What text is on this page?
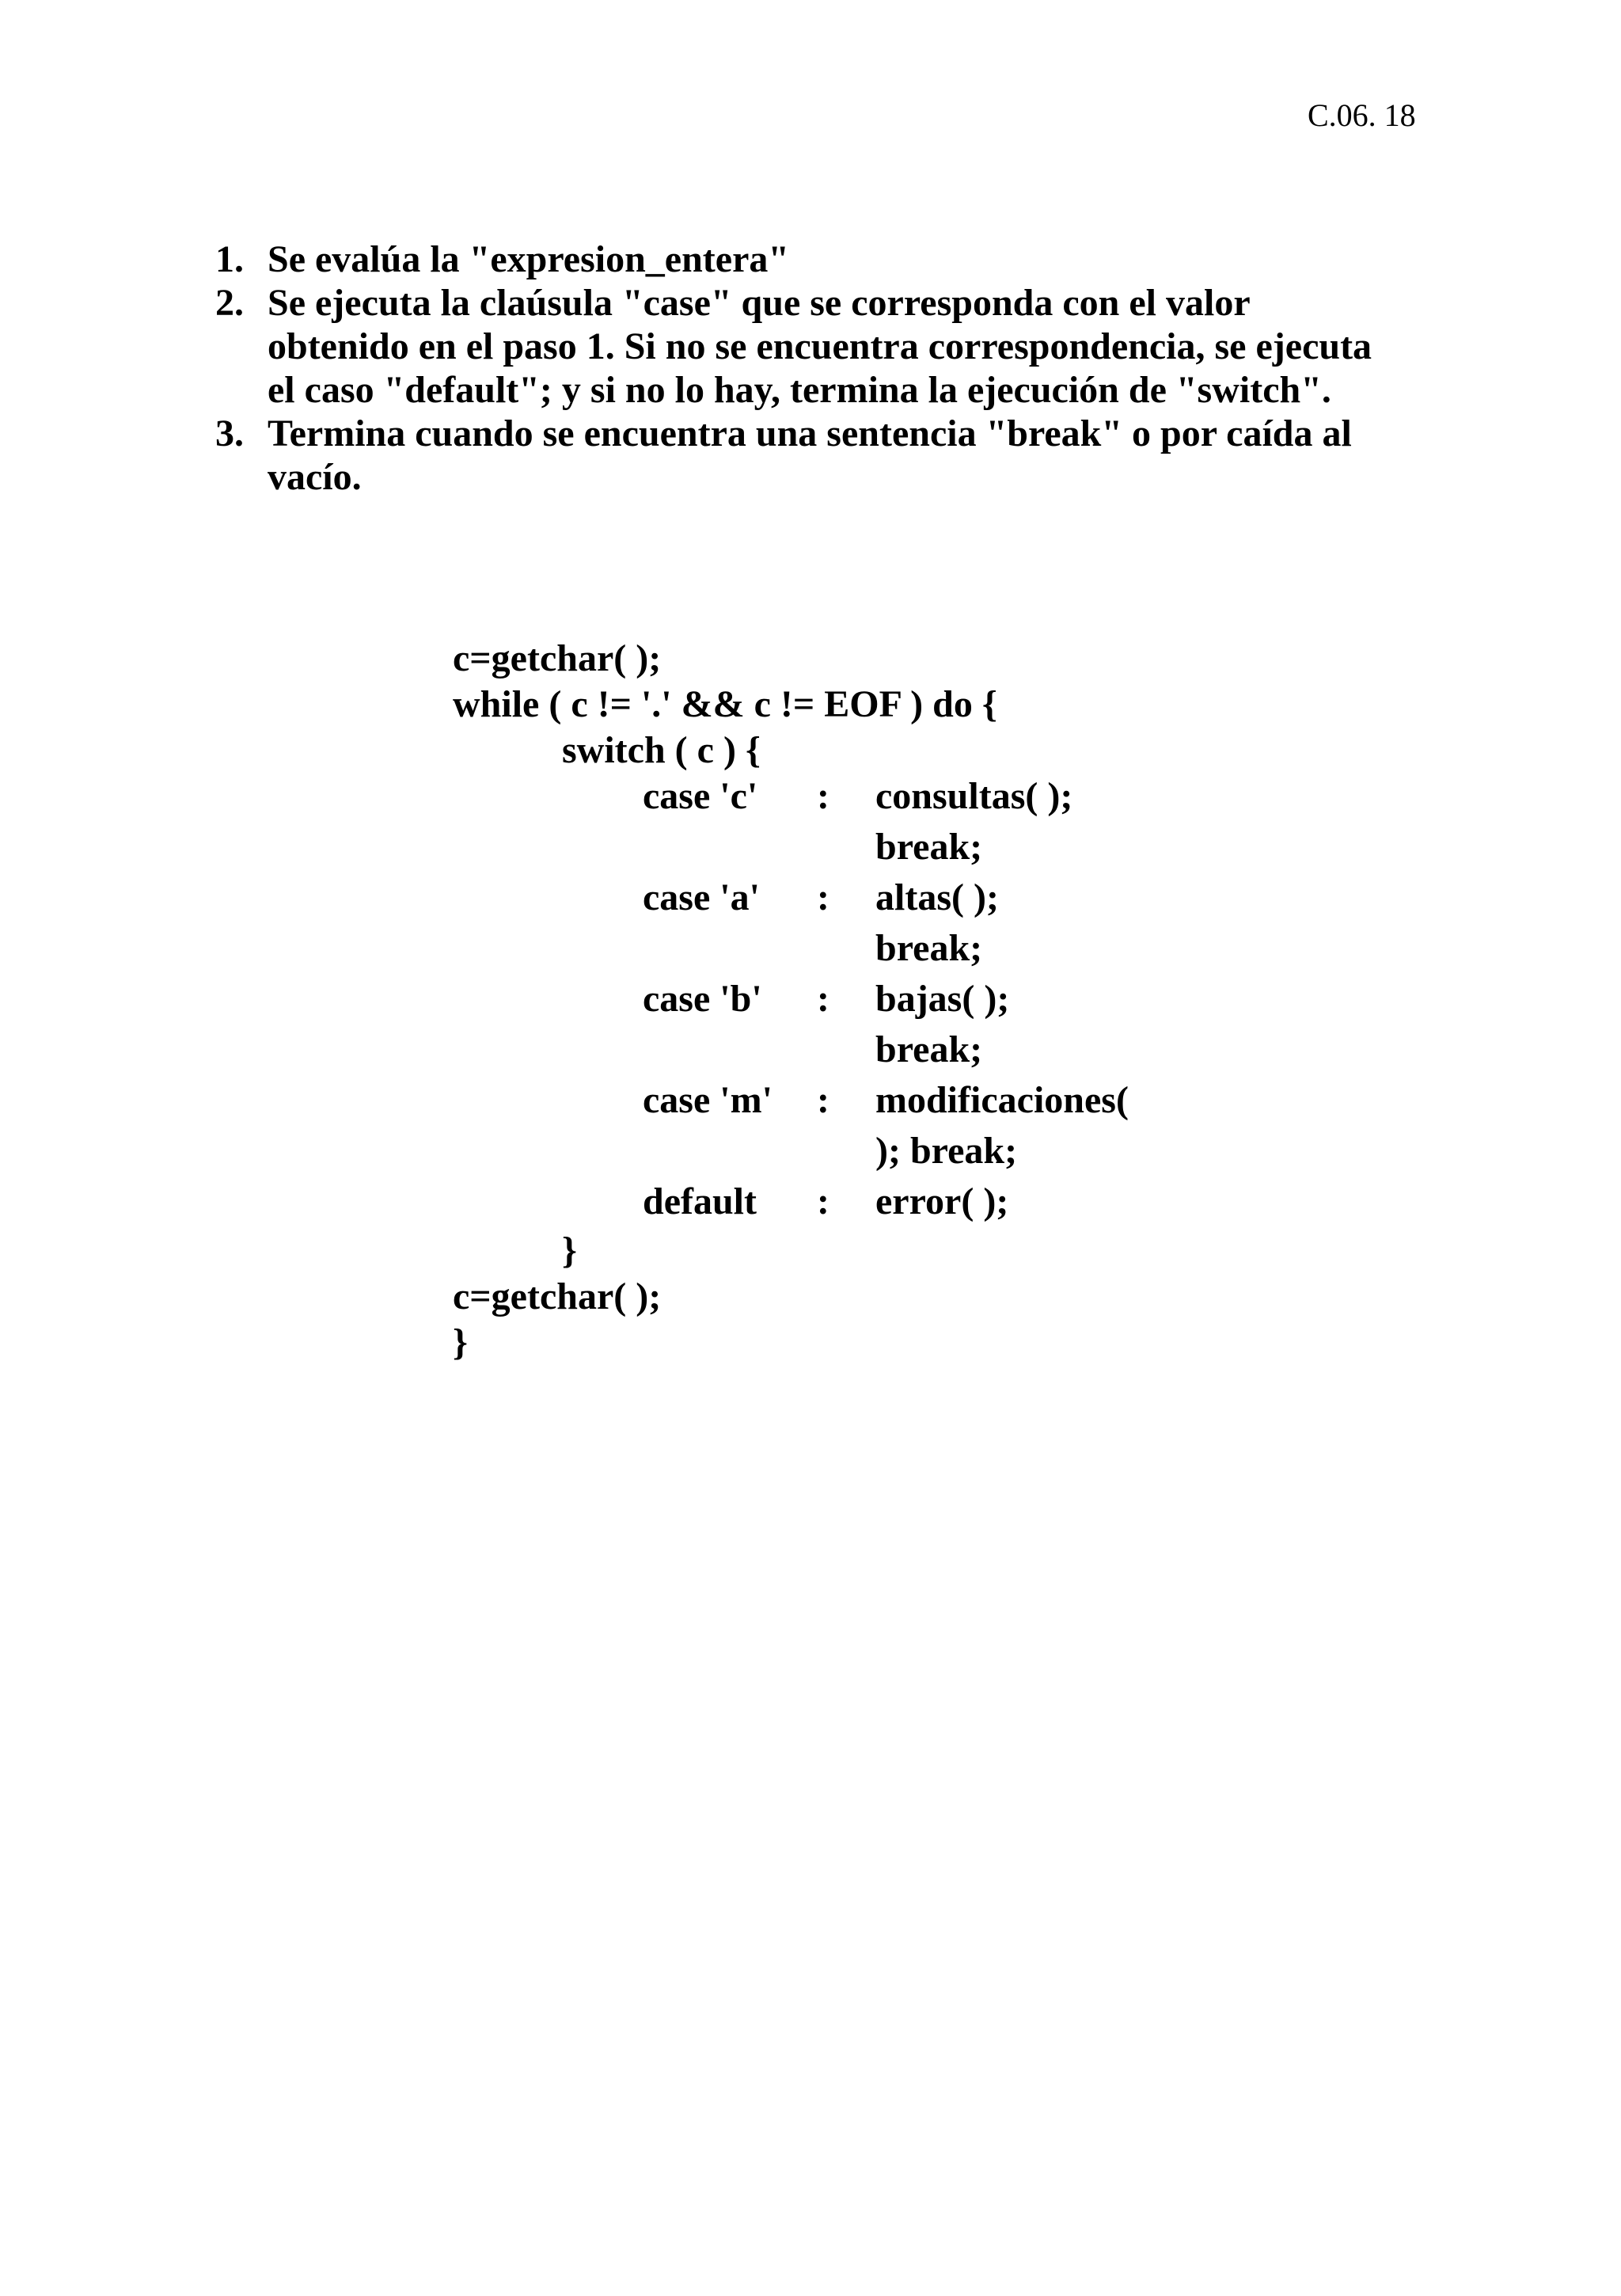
C.06. 18
1. Se evalúa la "expresion_entera"
2. Se ejecuta la claúsula "case" que se corresponda con el valor
obtenido en el paso 1. Si no se encuentra correspondencia, se ejecuta
el caso "default"; y si no lo hay, termina la ejecución de "switch".
3. Termina cuando se encuentra una sentencia "break" o por caída al
vacío.
c=getchar( );
while ( c != '.' && c != EOF ) do {
switch ( c ) {
case 'c' : consultas( );
break;
case 'a' : altas( );
break;
case 'b' : bajas( );
break;
case 'm' : modificaciones(
); break;
default : error( );
}
c=getchar( );
}
